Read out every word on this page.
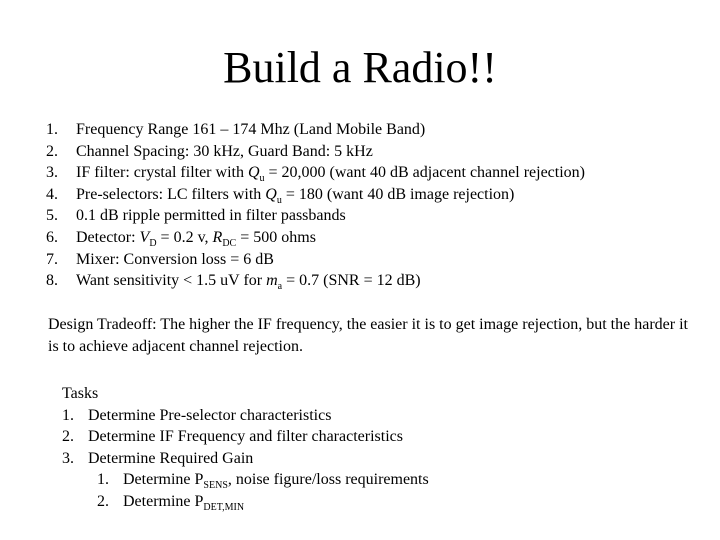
Build a Radio!!
1.	Frequency Range 161 – 174 Mhz (Land Mobile Band)
2.	Channel Spacing: 30 kHz, Guard Band: 5 kHz
3.	IF filter: crystal filter with $Q_u = 20,000$ (want 40 dB adjacent channel rejection)
4.	Pre-selectors: LC filters with $Q_u = 180$ (want 40 dB image rejection)
5.	0.1 dB ripple permitted in filter passbands
6.	Detector: $V_D = 0.2$ v, $R_{DC} = 500$ ohms
7.	Mixer: Conversion loss = 6 dB
8.	Want sensitivity < 1.5 uV for $m_a = 0.7$ (SNR = 12 dB)

Design Tradeoff: The higher the IF frequency, the easier it is to get image rejection, but the harder it is to achieve adjacent channel rejection.

Tasks
1. Determine Pre-selector characteristics
2. Determine IF Frequency and filter characteristics
3. Determine Required Gain
1. Determine $P_{SENS}$, noise figure/loss requirements
2. Determine $P_{DET,MIN}$
